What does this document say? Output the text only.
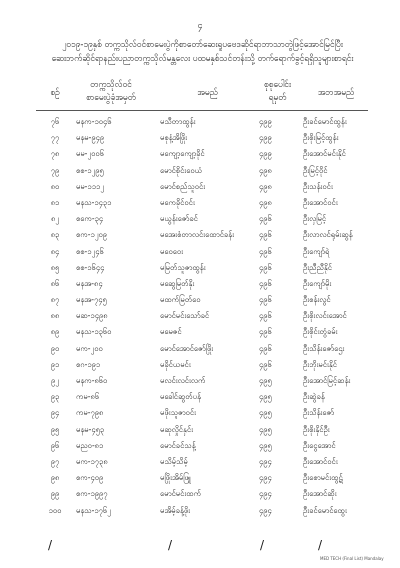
၄
၂၀၁၉-၁၉နှစ် တက္ကသိုလ်ဝင်စာမေးပွဲကိုစာတော်ဆေးရူပဗေဒဆိုင်ရာဘာသာတွဲဖြင့်အောင်မြင်ပြီး
ဆေးဘက်ဆိုင်ရာနည်းပညာတက္ကသိုလ်မန္တလေး ပထမနှစ်သင်တန်းသို့ တက်ရောက်ခွင့်ရရှိသူများစာရင်း
စဉ်
တက္ကသိုလ်ဝင်
စာမေးပွဲခုံအမှတ်	အမည်
စုစုပေါင်း
ရမှတ်	အဘအမည်
၇၆	မနက-၁၀၄၆	မသီတာထွန်း	၄၉၉	ဦးခင်မောင်ထွန်း
၇၇	မနမ-၉၄၉	မစုနံ့အိဖြိုး	၄၉၉	ဦးစိုးမြင့်ထွန်း
၇၈	မမ-၂၀၀၆	မကျော့ကျော့ခိုင်	၄၉၉	ဦးအောင်မင်းနိုင်
၇၉	စစ-၁၂၉၅	မောင်စိုင်းဝေယံ	၄၉၈	ဦးမြင့်ဝိုင်
၈၀	မမ-၁၁၁၂	မောင်စည်သူဝင်း	၄၉၈	ဦးသန်းဝင်း
၈၁	မနသ-၁၄၃၁	မကေခိုင်ဝင်း	၄၉၈	ဦးအောင်ဝင်း
၈၂	စကေ-၃၄	မယွန်းဇော်ခင်	၄၉၆	ဦးလှမြင့်
၈၃	စက-၁၂၀၉	မအေးစံတာလင်းထောင်ခန်း	၄၉၆	ဦးလာလင်ရုမ်းဆွန်
၈၄	စစ-၁၂၄၆	မဝေဝေး	၄၉၆	ဦးကျော်ရဲ
၈၅	စစ-၁၆၄၄	မမြတ်သူဇာထွန်း	၄၉၆	ဦးညီညီနိုင်
၈၆	မနအ-၈၄	မဆွေမြတ်နိုး	၄၉၆	ဦးကျော်မိုး
၈၇	မနအ-၇၄၅	မထက်မြတ်ဝေ	၄၉၆	ဦးစန်းလွင်
၈၈	မဆ-၁၄၉၈	မောင်မင်းသော်ခင်	၄၉၆	ဦးစိုးလင်းအောင်
၈၉	မနသ-၁၃၆၀	မမေဇင်	၄၉၆	ဦးစိုင်းတွံခမ်း
၉၀	မက-၂၀၀	မောင်အောင်ဇော်ဖြိုး	၄၉၆	ဦးသိန်းဇော်ဌေး
၉၁	စဂ-၁၉၁	မခိုင်ယမင်း	၄၉၆	ဦးဘိုးမင်းနိုင်
၉၂	မနက-၈၆၀	မလင်းလင်းလက်	၄၉၅	ဦးအောင်မြင့်ဆန်း
၉၃	ကမ-၈၆	မခေါင်ဆွတ်ပန်	၄၉၅	ဦးဆွဲခန်
၉၄	ကမ-၇၉၈	မဖိုးသူဇာဝင်း	၄၉၅	ဦးသိန်းဇော်
၉၅	မနမ-၄၅၃	မဆုလှိုင်နှင်း	၄၉၅	ဦးစိုးနိုင်ဦး
၉၆	မညဝ-၈၁	မောင်ခင်သန့်	၄၉၅	ဦးငွေအောင်
၉၇	မက-၁၇၃၈	မသိမ့်သိမ့်	၄၉၄	ဦးအောင်ဝင်း
၉၈	စက-၄၀၉	မဖြိုးအိမ်ဖြူ	၄၉၄	ဦးစောမင်းထွဋ်
၉၉	စက-၁၉၉၇	မောင်မင်းထက်	၄၉၄	ဦးအောင်ဆိုး
၁၀၀	မနသ-၁၇၆၂	မအိမ့်ခန့်ဖိုး	၄၉၄	ဦးခင်မောင်ထွေး
/	/	/	/
MED TECH (Final List) Mandalay
